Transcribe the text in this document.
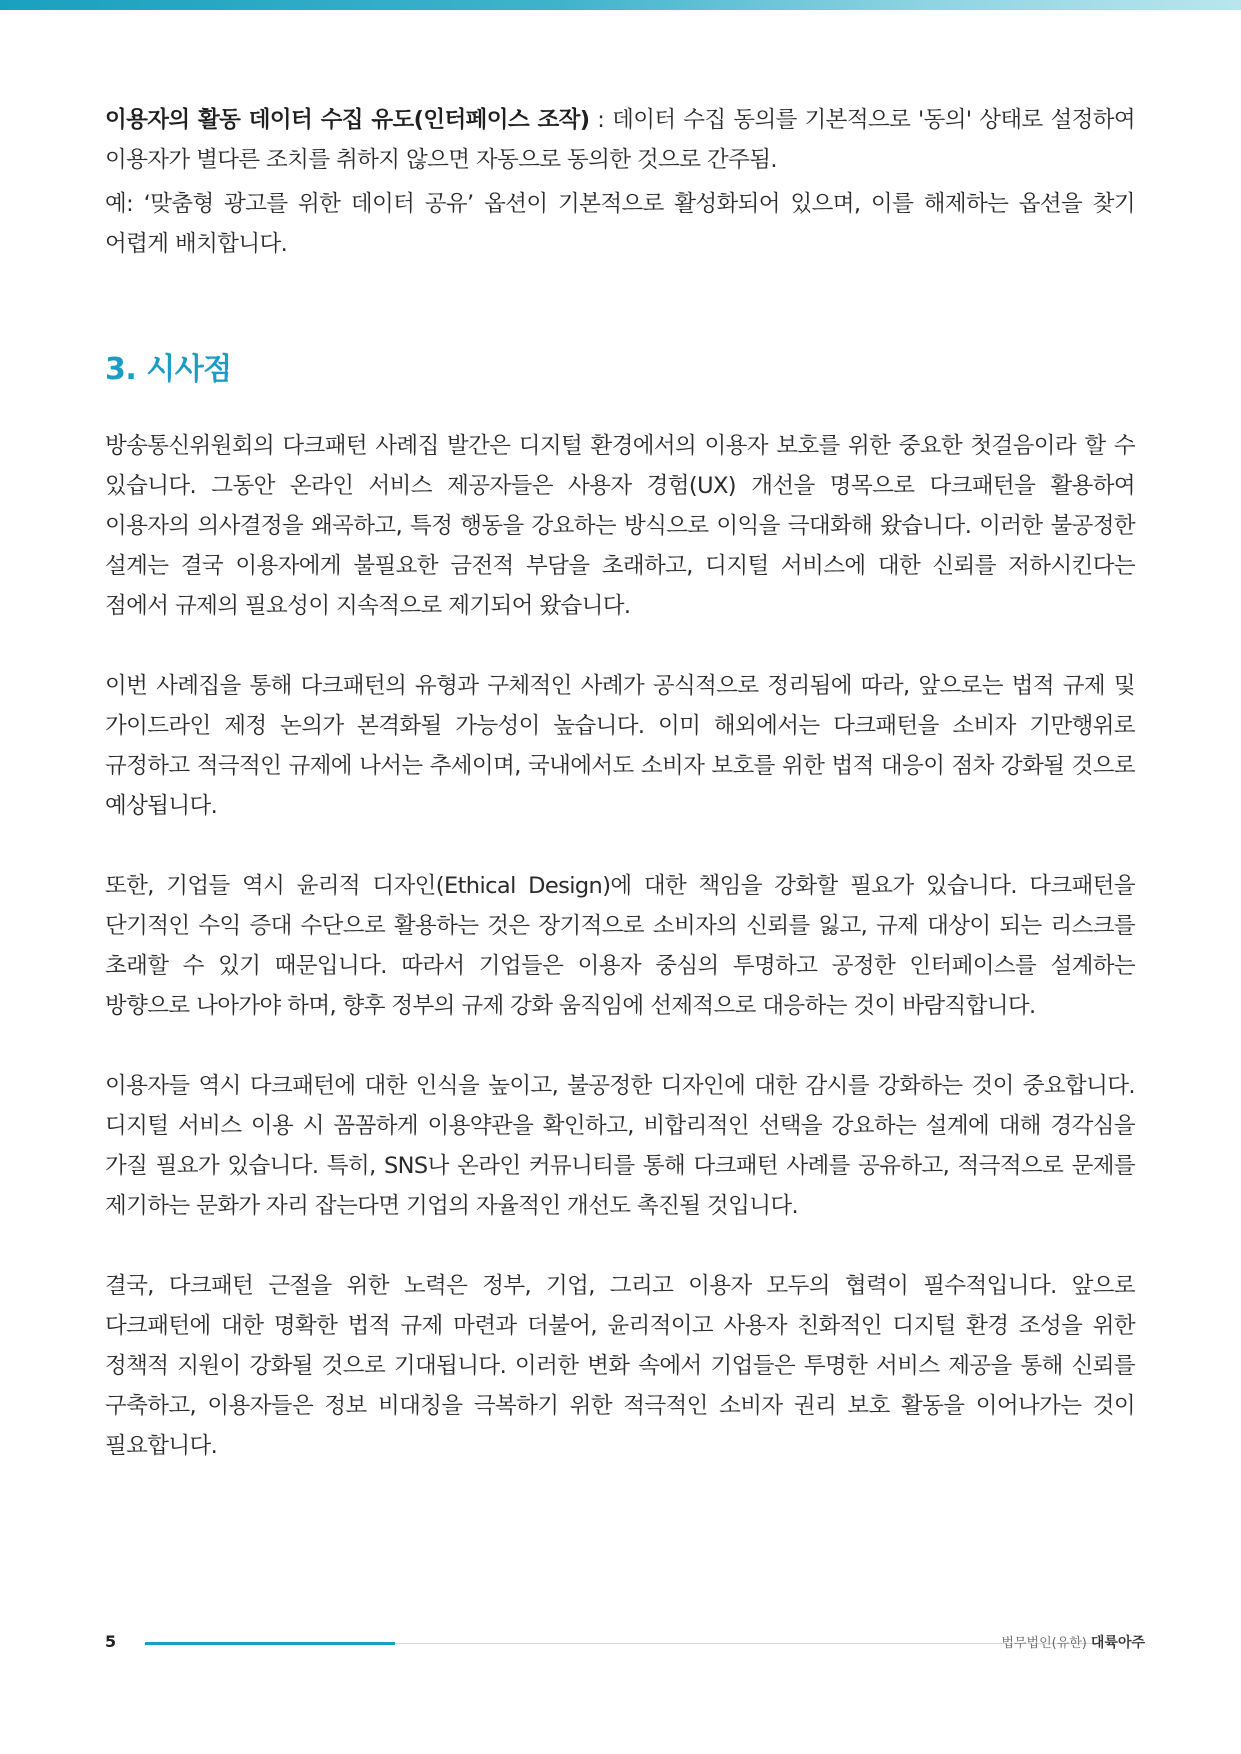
이용자의 활동 데이터 수집 유도(인터페이스 조작) : 데이터 수집 동의를 기본적으로 '동의' 상태로 설정하여 이용자가 별다른 조치를 취하지 않으면 자동으로 동의한 것으로 간주됨.

예: ‘맞춤형 광고를 위한 데이터 공유’ 옵션이 기본적으로 활성화되어 있으며, 이를 해제하는 옵션을 찾기 어렵게 배치합니다.

3. 시사점

방송통신위원회의 다크패턴 사례집 발간은 디지털 환경에서의 이용자 보호를 위한 중요한 첫걸음이라 할 수 있습니다. 그동안 온라인 서비스 제공자들은 사용자 경험(UX) 개선을 명목으로 다크패턴을 활용하여 이용자의 의사결정을 왜곡하고, 특정 행동을 강요하는 방식으로 이익을 극대화해 왔습니다. 이러한 불공정한 설계는 결국 이용자에게 불필요한 금전적 부담을 초래하고, 디지털 서비스에 대한 신뢰를 저하시킨다는 점에서 규제의 필요성이 지속적으로 제기되어 왔습니다.

이번 사례집을 통해 다크패턴의 유형과 구체적인 사례가 공식적으로 정리됨에 따라, 앞으로는 법적 규제 및 가이드라인 제정 논의가 본격화될 가능성이 높습니다. 이미 해외에서는 다크패턴을 소비자 기만행위로 규정하고 적극적인 규제에 나서는 추세이며, 국내에서도 소비자 보호를 위한 법적 대응이 점차 강화될 것으로 예상됩니다.

또한, 기업들 역시 윤리적 디자인(Ethical Design)에 대한 책임을 강화할 필요가 있습니다. 다크패턴을 단기적인 수익 증대 수단으로 활용하는 것은 장기적으로 소비자의 신뢰를 잃고, 규제 대상이 되는 리스크를 초래할 수 있기 때문입니다. 따라서 기업들은 이용자 중심의 투명하고 공정한 인터페이스를 설계하는 방향으로 나아가야 하며, 향후 정부의 규제 강화 움직임에 선제적으로 대응하는 것이 바람직합니다.

이용자들 역시 다크패턴에 대한 인식을 높이고, 불공정한 디자인에 대한 감시를 강화하는 것이 중요합니다. 디지털 서비스 이용 시 꼼꼼하게 이용약관을 확인하고, 비합리적인 선택을 강요하는 설계에 대해 경각심을 가질 필요가 있습니다. 특히, SNS나 온라인 커뮤니티를 통해 다크패턴 사례를 공유하고, 적극적으로 문제를 제기하는 문화가 자리 잡는다면 기업의 자율적인 개선도 촉진될 것입니다.

결국, 다크패턴 근절을 위한 노력은 정부, 기업, 그리고 이용자 모두의 협력이 필수적입니다. 앞으로 다크패턴에 대한 명확한 법적 규제 마련과 더불어, 윤리적이고 사용자 친화적인 디지털 환경 조성을 위한 정책적 지원이 강화될 것으로 기대됩니다. 이러한 변화 속에서 기업들은 투명한 서비스 제공을 통해 신뢰를 구축하고, 이용자들은 정보 비대칭을 극복하기 위한 적극적인 소비자 권리 보호 활동을 이어나가는 것이 필요합니다.

5	법무법인(유한) 대륙아주
